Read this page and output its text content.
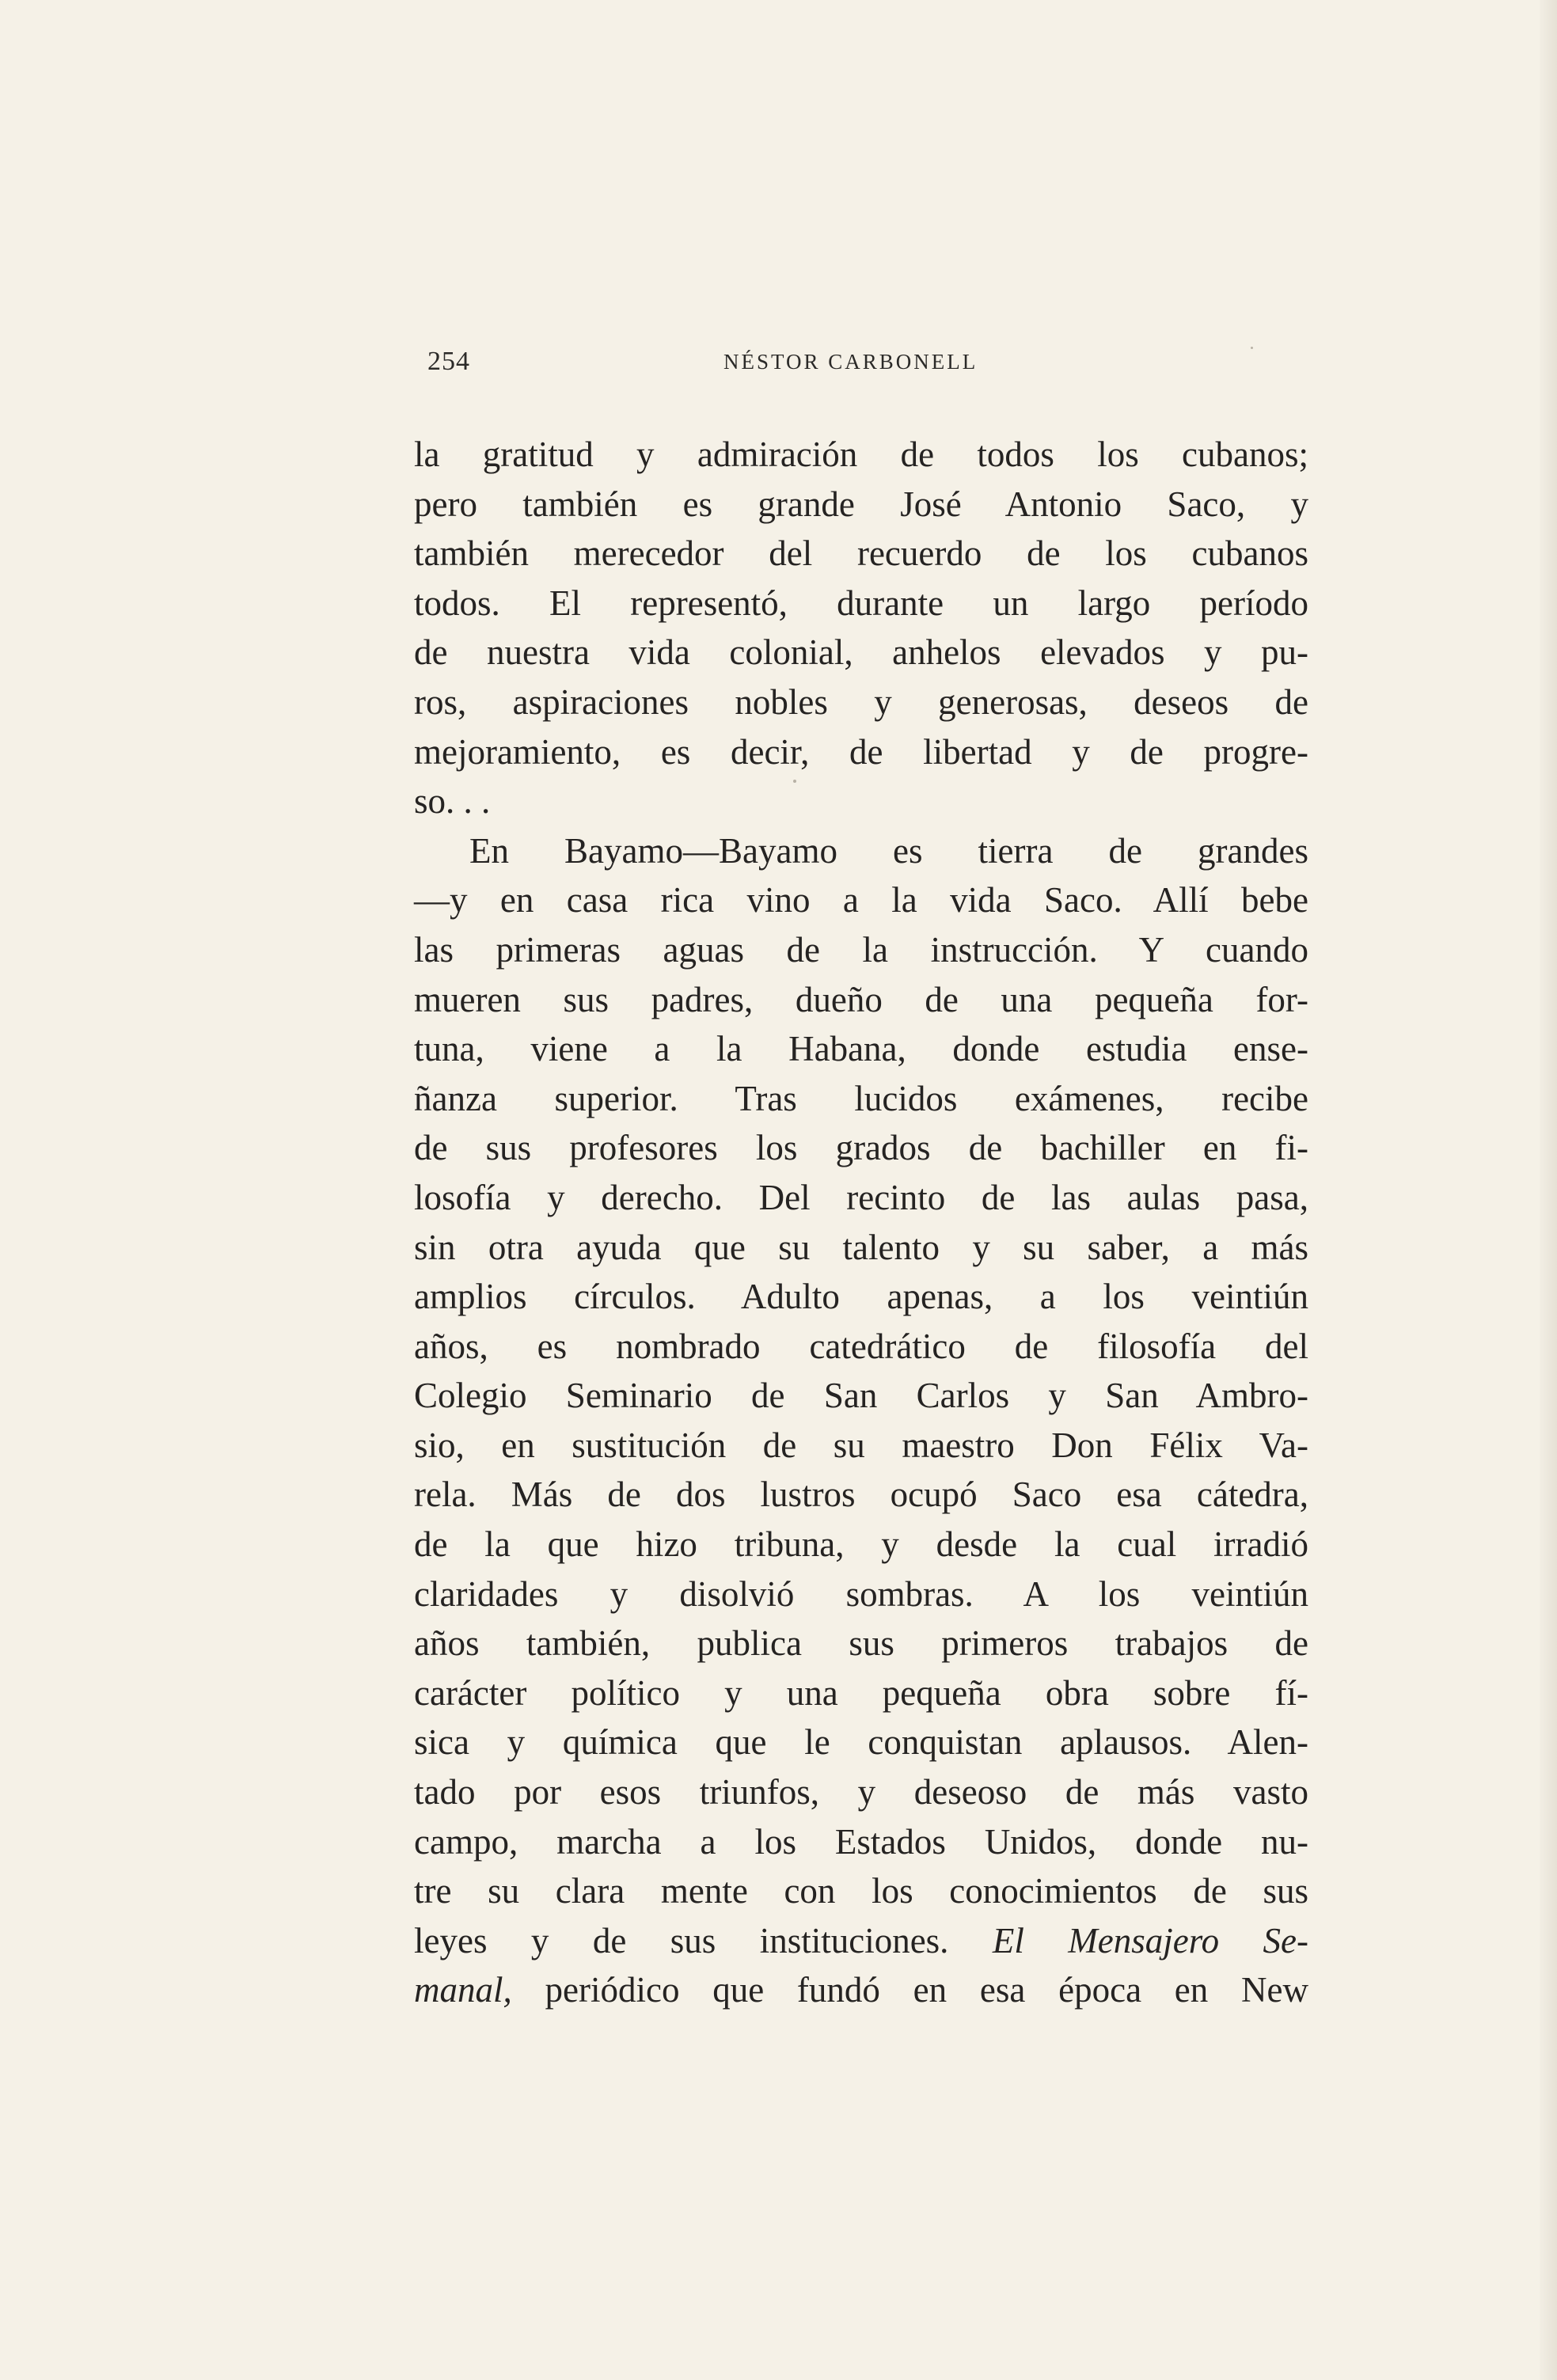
254	NÉSTOR CARBONELL
la gratitud y admiración de todos los cubanos;
pero también es grande José Antonio Saco, y
también merecedor del recuerdo de los cubanos
todos. El representó, durante un largo período
de nuestra vida colonial, anhelos elevados y pu-
ros, aspiraciones nobles y generosas, deseos de
mejoramiento, es decir, de libertad y de progre-
so. . .
En Bayamo—Bayamo es tierra de grandes
—y en casa rica vino a la vida Saco. Allí bebe
las primeras aguas de la instrucción. Y cuando
mueren sus padres, dueño de una pequeña for-
tuna, viene a la Habana, donde estudia ense-
ñanza superior. Tras lucidos exámenes, recibe
de sus profesores los grados de bachiller en fi-
losofía y derecho. Del recinto de las aulas pasa,
sin otra ayuda que su talento y su saber, a más
amplios círculos. Adulto apenas, a los veintiún
años, es nombrado catedrático de filosofía del
Colegio Seminario de San Carlos y San Ambro-
sio, en sustitución de su maestro Don Félix Va-
rela. Más de dos lustros ocupó Saco esa cátedra,
de la que hizo tribuna, y desde la cual irradió
claridades y disolvió sombras. A los veintiún
años también, publica sus primeros trabajos de
carácter político y una pequeña obra sobre fí-
sica y química que le conquistan aplausos. Alen-
tado por esos triunfos, y deseoso de más vasto
campo, marcha a los Estados Unidos, donde nu-
tre su clara mente con los conocimientos de sus
leyes y de sus instituciones. El Mensajero Se-
manal, periódico que fundó en esa época en New
